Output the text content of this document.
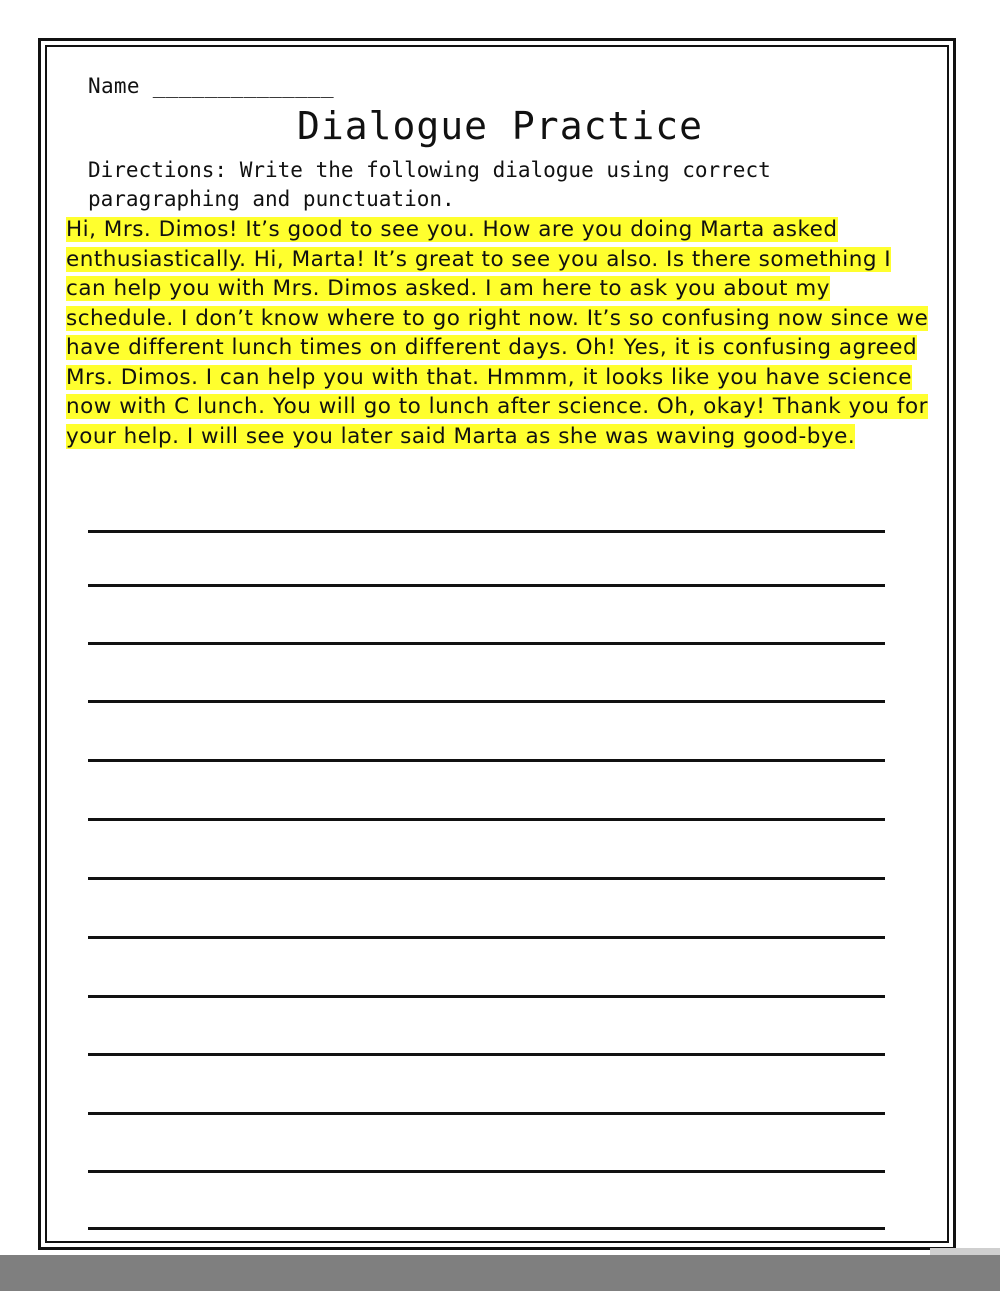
Name ______________
Dialogue Practice
Directions: Write the following dialogue using correct paragraphing and punctuation.
Hi, Mrs. Dimos! It’s good to see you. How are you doing Marta asked enthusiastically. Hi, Marta! It’s great to see you also. Is there something I can help you with Mrs. Dimos asked. I am here to ask you about my schedule. I don’t know where to go right now. It’s so confusing now since we have different lunch times on different days. Oh! Yes, it is confusing agreed Mrs. Dimos. I can help you with that. Hmmm, it looks like you have science now with C lunch. You will go to lunch after science. Oh, okay! Thank you for your help. I will see you later said Marta as she was waving good-bye.
